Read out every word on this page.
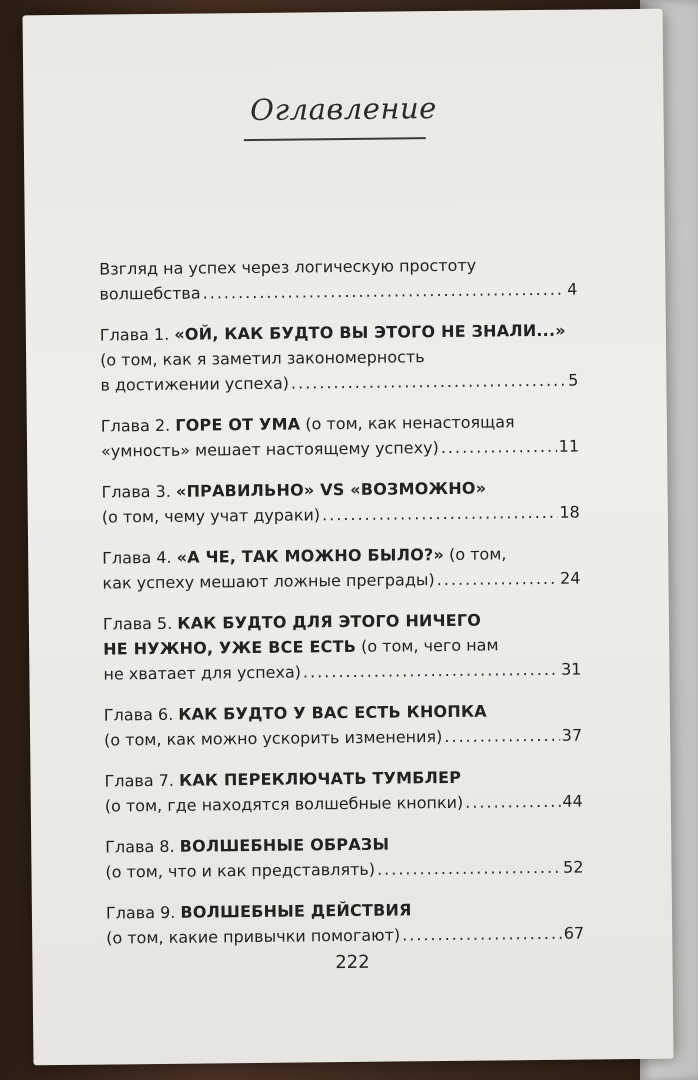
Оглавление
Взгляд на успех через логическую простоту
волшебства .....	4
Глава 1. «ОЙ, КАК БУДТО ВЫ ЭТОГО НЕ ЗНАЛИ...»
(о том, как я заметил закономерность
в достижении успеха) .....	5
Глава 2. ГОРЕ ОТ УМА (о том, как ненастоящая
«умность» мешает настоящему успеху) .....	11
Глава 3. «ПРАВИЛЬНО» VS «ВОЗМОЖНО»
(о том, чему учат дураки) .....	18
Глава 4. «А ЧЕ, ТАК МОЖНО БЫЛО?» (о том,
как успеху мешают ложные преграды) .....	24
Глава 5. КАК БУДТО ДЛЯ ЭТОГО НИЧЕГО
НЕ НУЖНО, УЖЕ ВСЕ ЕСТЬ (о том, чего нам
не хватает для успеха) .....	31
Глава 6. КАК БУДТО У ВАС ЕСТЬ КНОПКА
(о том, как можно ускорить изменения) .....	37
Глава 7. КАК ПЕРЕКЛЮЧАТЬ ТУМБЛЕР
(о том, где находятся волшебные кнопки) .....	44
Глава 8. ВОЛШЕБНЫЕ ОБРАЗЫ
(о том, что и как представлять) .....	52
Глава 9. ВОЛШЕБНЫЕ ДЕЙСТВИЯ
(о том, какие привычки помогают) .....	67
222
